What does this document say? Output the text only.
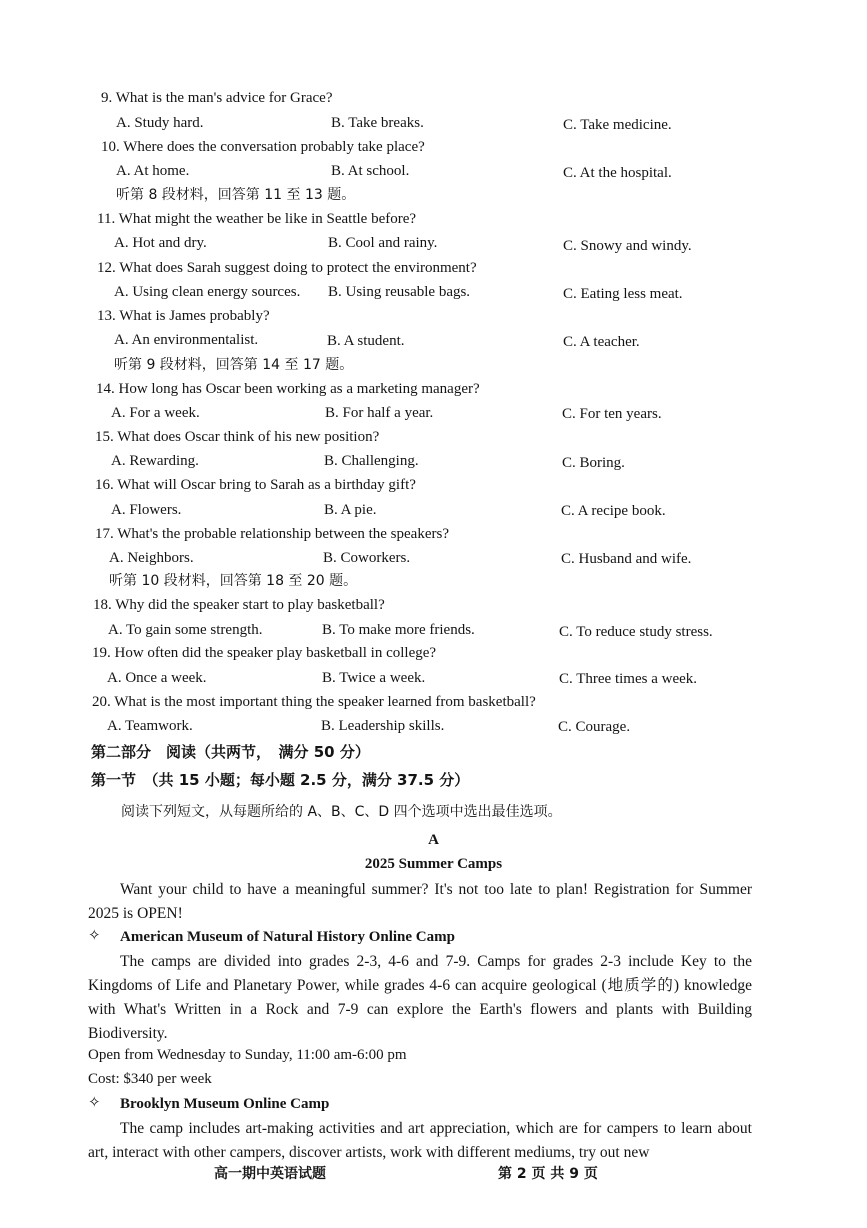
9. What is the man's advice for Grace?
A. Study hard.	B. Take breaks.	C. Take medicine.
10. Where does the conversation probably take place?
A. At home.	B. At school.	C. At the hospital.
听第 8 段材料，回答第 11 至 13 题。
11. What might the weather be like in Seattle before?
A. Hot and dry.	B. Cool and rainy.	C. Snowy and windy.
12. What does Sarah suggest doing to protect the environment?
A. Using clean energy sources. B. Using reusable bags.	C. Eating less meat.
13. What is James probably?
A. An environmentalist.	B. A student.	C. A teacher.
听第 9 段材料，回答第 14 至 17 题。
14. How long has Oscar been working as a marketing manager?
A. For a week.	B. For half a year.	C. For ten years.
15. What does Oscar think of his new position?
A. Rewarding.	B. Challenging.	C. Boring.
16. What will Oscar bring to Sarah as a birthday gift?
A. Flowers.	B. A pie.	C. A recipe book.
17. What's the probable relationship between the speakers?
A. Neighbors.	B. Coworkers.	C. Husband and wife.
听第 10 段材料，回答第 18 至 20 题。
18. Why did the speaker start to play basketball?
A. To gain some strength.	B. To make more friends.	C. To reduce study stress.
19. How often did the speaker play basketball in college?
A. Once a week.	B. Twice a week.	C. Three times a week.
20. What is the most important thing the speaker learned from basketball?
A. Teamwork.	B. Leadership skills.	C. Courage.
第二部分　阅读（共两节，　满分 50 分）
第一节　（共 15 小题；每小题 2.5 分，满分 37.5 分）
阅读下列短文，从每题所给的 A、B、C、D 四个选项中选出最佳选项。
A
2025 Summer Camps
Want your child to have a meaningful summer? It's not too late to plan! Registration for Summer 2025 is OPEN!
✧ American Museum of Natural History Online Camp
The camps are divided into grades 2-3, 4-6 and 7-9. Camps for grades 2-3 include Key to the Kingdoms of Life and Planetary Power, while grades 4-6 can acquire geological (地质学的) knowledge with What's Written in a Rock and 7-9 can explore the Earth's flowers and plants with Building Biodiversity.
Open from Wednesday to Sunday, 11:00 am-6:00 pm
Cost: $340 per week
✧ Brooklyn Museum Online Camp
The camp includes art-making activities and art appreciation, which are for campers to learn about art, interact with other campers, discover artists, work with different mediums, try out new
高一期中英语试题	第 2 页 共 9 页
